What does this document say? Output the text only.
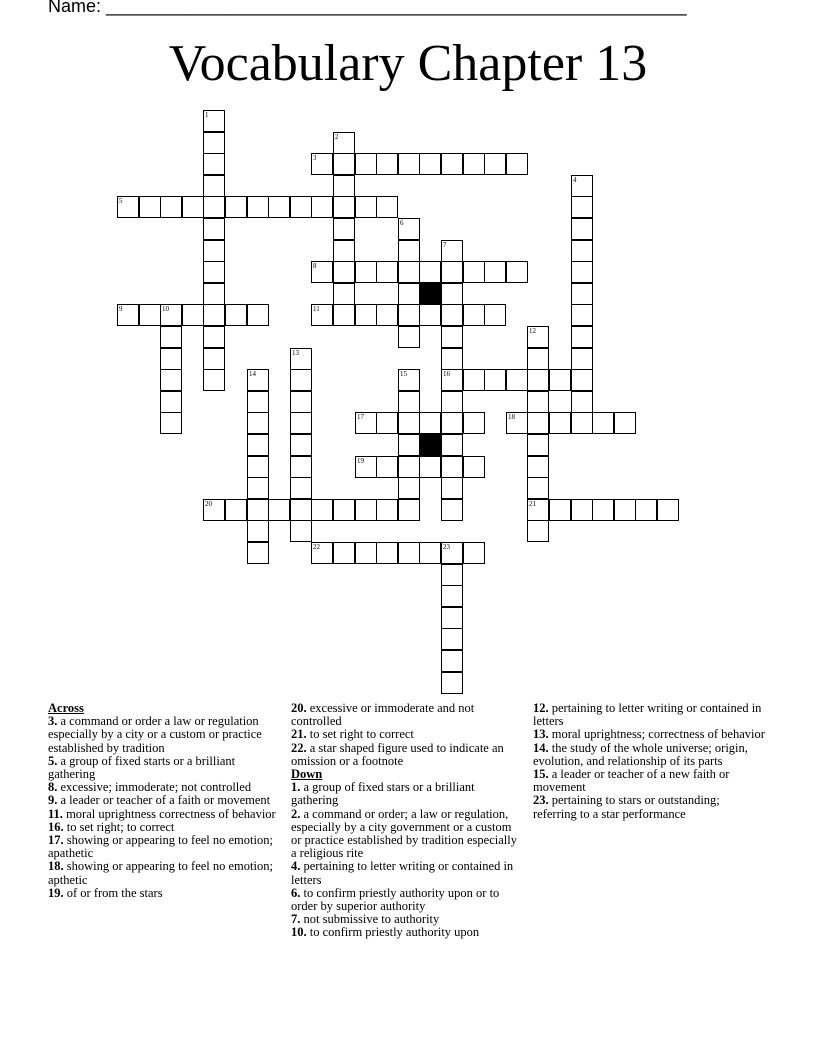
Name: __________________________________________________________
Vocabulary Chapter 13
1
2
3
4
5
6
7
8
9	10	11
12
13
14	15	16
17	18
19
20	21
22	23
Across
3. a command or order a law or regulation especially by a city or a custom or practice established by tradition
5. a group of fixed starts or a brilliant gathering
8. excessive; immoderate; not controlled
9. a leader or teacher of a faith or movement
11. moral uprightness correctness of behavior
16. to set right; to correct
17. showing or appearing to feel no emotion; apathetic
18. showing or appearing to feel no emotion; apthetic
19. of or from the stars
20. excessive or immoderate and not controlled
21. to set right to correct
22. a star shaped figure used to indicate an omission or a footnote
Down
1. a group of fixed stars or a brilliant gathering
2. a command or order; a law or regulation, especially by a city government or a custom or practice established by tradition especially a religious rite
4. pertaining to letter writing or contained in letters
6. to confirm priestly authority upon or to order by superior authority
7. not submissive to authority
10. to confirm priestly authority upon
12. pertaining to letter writing or contained in letters
13. moral uprightness; correctness of behavior
14. the study of the whole universe; origin, evolution, and relationship of its parts
15. a leader or teacher of a new faith or movement
23. pertaining to stars or outstanding; referring to a star performance
